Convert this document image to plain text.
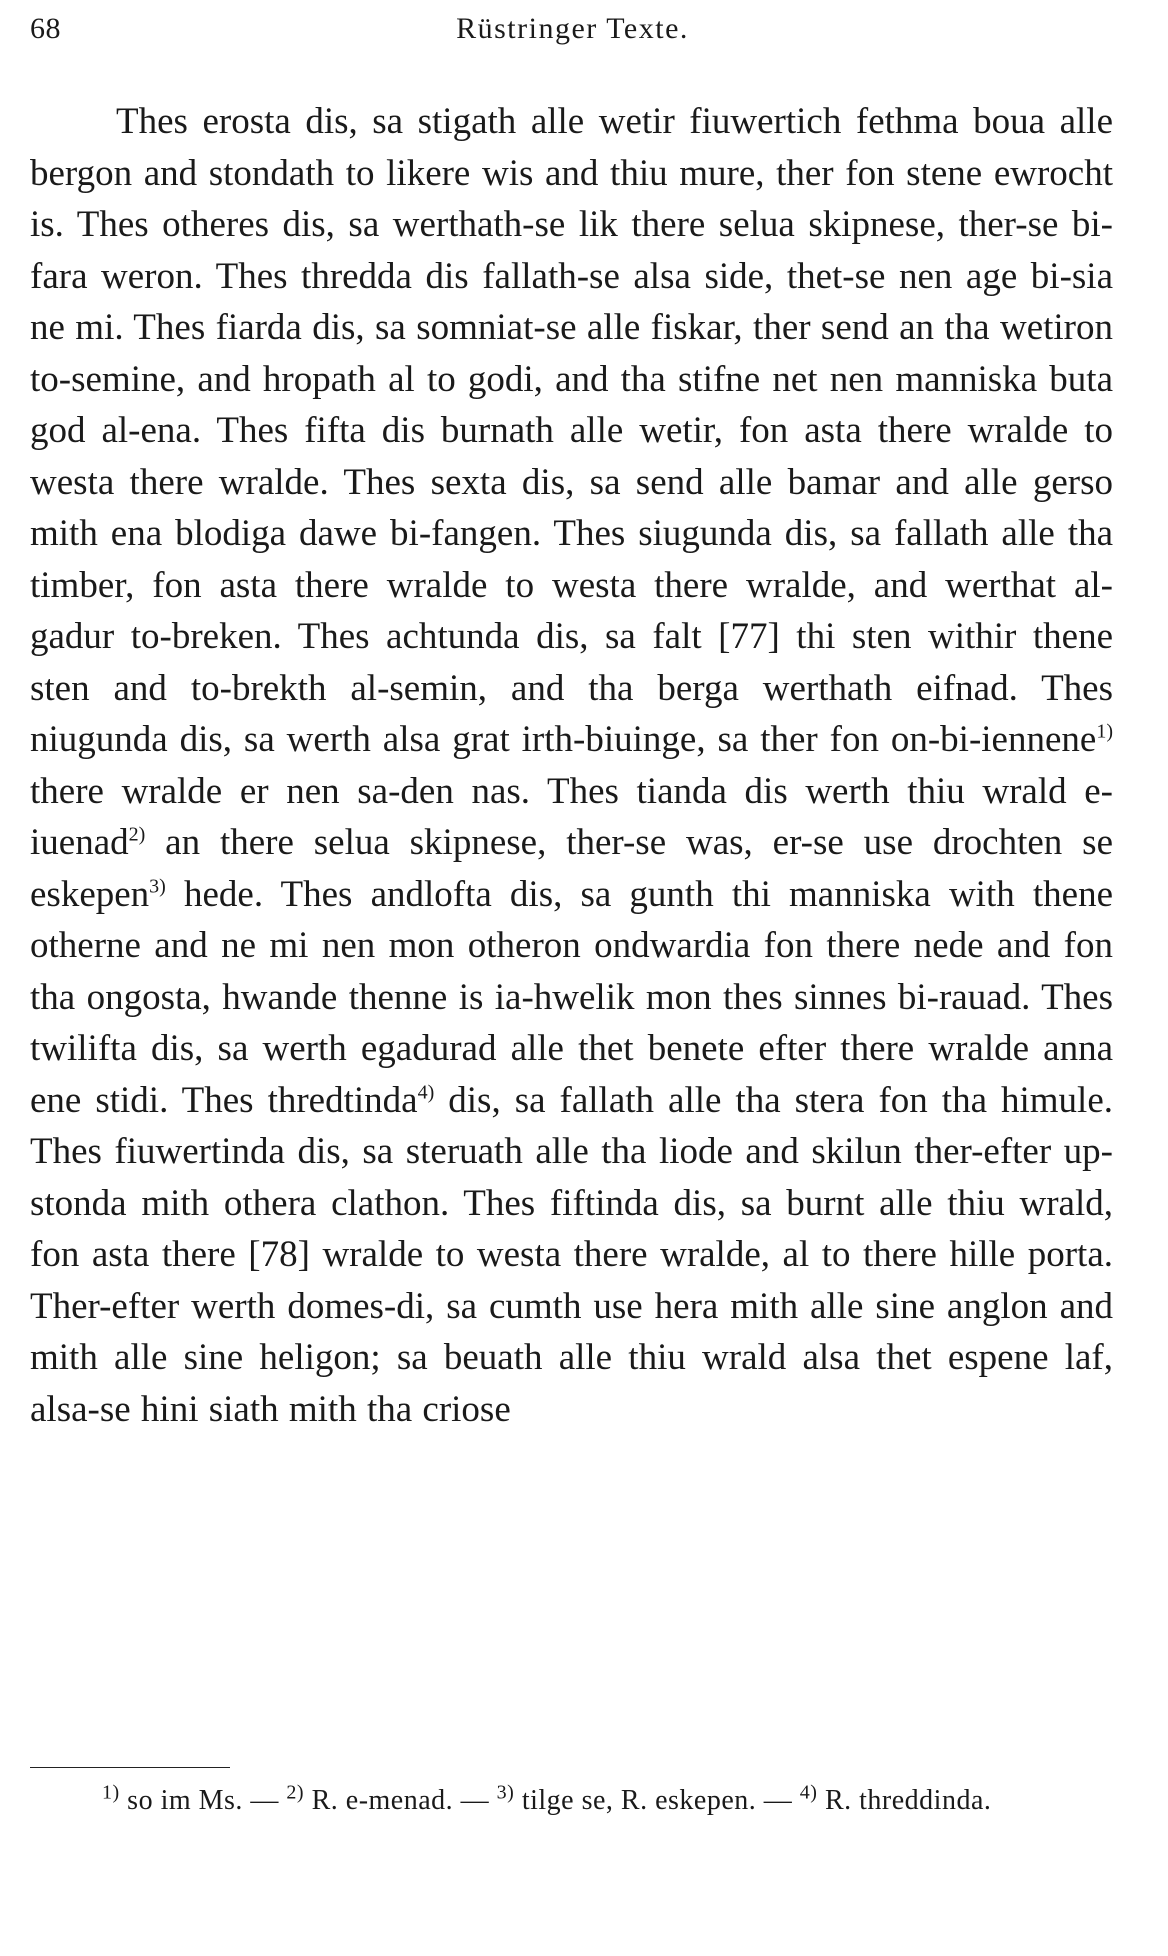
68	Rüstringer Texte.

Thes erosta dis, sa stigath alle wetir fiuwertich fethma boua alle bergon and stondath to likere wis and thiu mure, ther fon stene ewrocht is. Thes otheres dis, sa werthath-se lik there selua skipnese, ther-se bi-fara weron. Thes thredda dis fallath-se alsa side, thet-se nen age bi-sia ne mi. Thes fiarda dis, sa somniat-se alle fiskar, ther send an tha wetiron to-semine, and hropath al to godi, and tha stifne net nen manniska buta god al-ena. Thes fifta dis burnath alle wetir, fon asta there wralde to westa there wralde. Thes sexta dis, sa send alle bamar and alle gerso mith ena blodiga dawe bi-fangen. Thes siugunda dis, sa fallath alle tha timber, fon asta there wralde to westa there wralde, and werthat al-gadur to-breken. Thes achtunda dis, sa falt [77] thi sten withir thene sten and to-brekth al-semin, and tha berga werthath eifnad. Thes niugunda dis, sa werth alsa grat irth-biuinge, sa ther fon on-bi-iennene$^{1)}$ there wralde er nen sa-den nas. Thes tianda dis werth thiu wrald e-iuenad$^{2)}$ an there selua skipnese, ther-se was, er-se use drochten se eskepen$^{3)}$ hede. Thes andlofta dis, sa gunth thi manniska with thene otherne and ne mi nen mon otheron ondwardia fon there nede and fon tha ongosta, hwande thenne is ia-hwelik mon thes sinnes bi-rauad. Thes twilifta dis, sa werth egadurad alle thet benete efter there wralde anna ene stidi. Thes thredtinda$^{4)}$ dis, sa fallath alle tha stera fon tha himule. Thes fiuwertinda dis, sa steruath alle tha liode and skilun ther-efter up-stonda mith othera clathon. Thes fiftinda dis, sa burnt alle thiu wrald, fon asta there [78] wralde to westa there wralde, al to there hille porta. Ther-efter werth domes-di, sa cumth use hera mith alle sine anglon and mith alle sine heligon; sa beuath alle thiu wrald alsa thet espene laf, alsa-se hini siath mith tha criose

$^{1)}$ so im Ms. — $^{2)}$ R. e-menad. — $^{3)}$ tilge se, R. eskepen. — $^{4)}$ R. threddinda.
